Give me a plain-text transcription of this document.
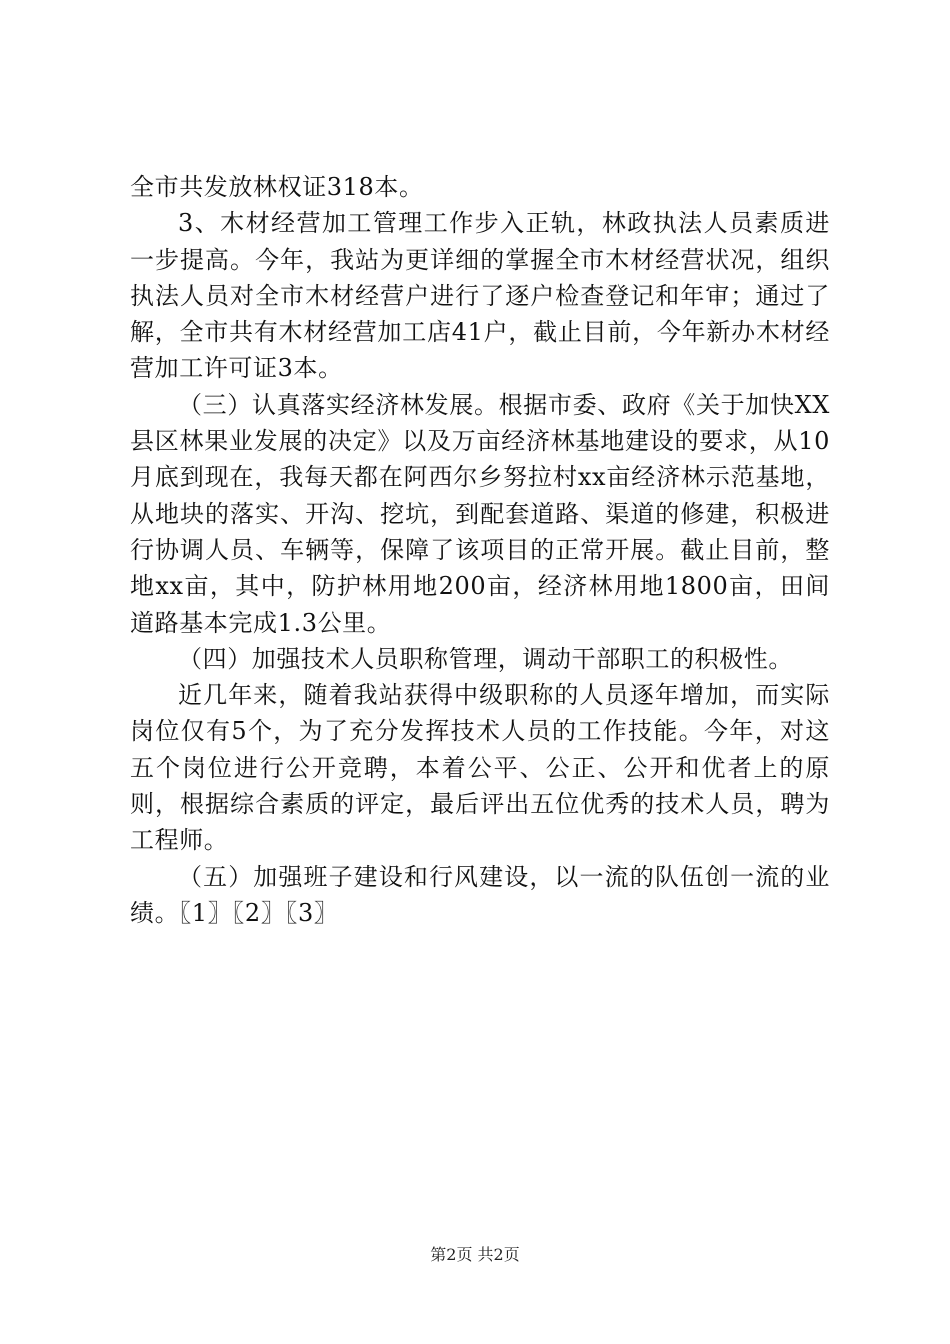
全市共发放林权证318本。

3、木材经营加工管理工作步入正轨，林政执法人员素质进一步提高。今年，我站为更详细的掌握全市木材经营状况，组织执法人员对全市木材经营户进行了逐户检查登记和年审；通过了解，全市共有木材经营加工店41户，截止目前，今年新办木材经营加工许可证3本。

（三）认真落实经济林发展。根据市委、政府《关于加快XX县区林果业发展的决定》以及万亩经济林基地建设的要求，从10月底到现在，我每天都在阿西尔乡努拉村xx亩经济林示范基地，从地块的落实、开沟、挖坑，到配套道路、渠道的修建，积极进行协调人员、车辆等，保障了该项目的正常开展。截止目前，整地xx亩，其中，防护林用地200亩，经济林用地1800亩，田间道路基本完成1.3公里。

（四）加强技术人员职称管理，调动干部职工的积极性。

近几年来，随着我站获得中级职称的人员逐年增加，而实际岗位仅有5个，为了充分发挥技术人员的工作技能。今年，对这五个岗位进行公开竞聘，本着公平、公正、公开和优者上的原则，根据综合素质的评定，最后评出五位优秀的技术人员，聘为工程师。

（五）加强班子建设和行风建设，以一流的队伍创一流的业绩。〖1〗〖2〗〖3〗

第2页 共2页
